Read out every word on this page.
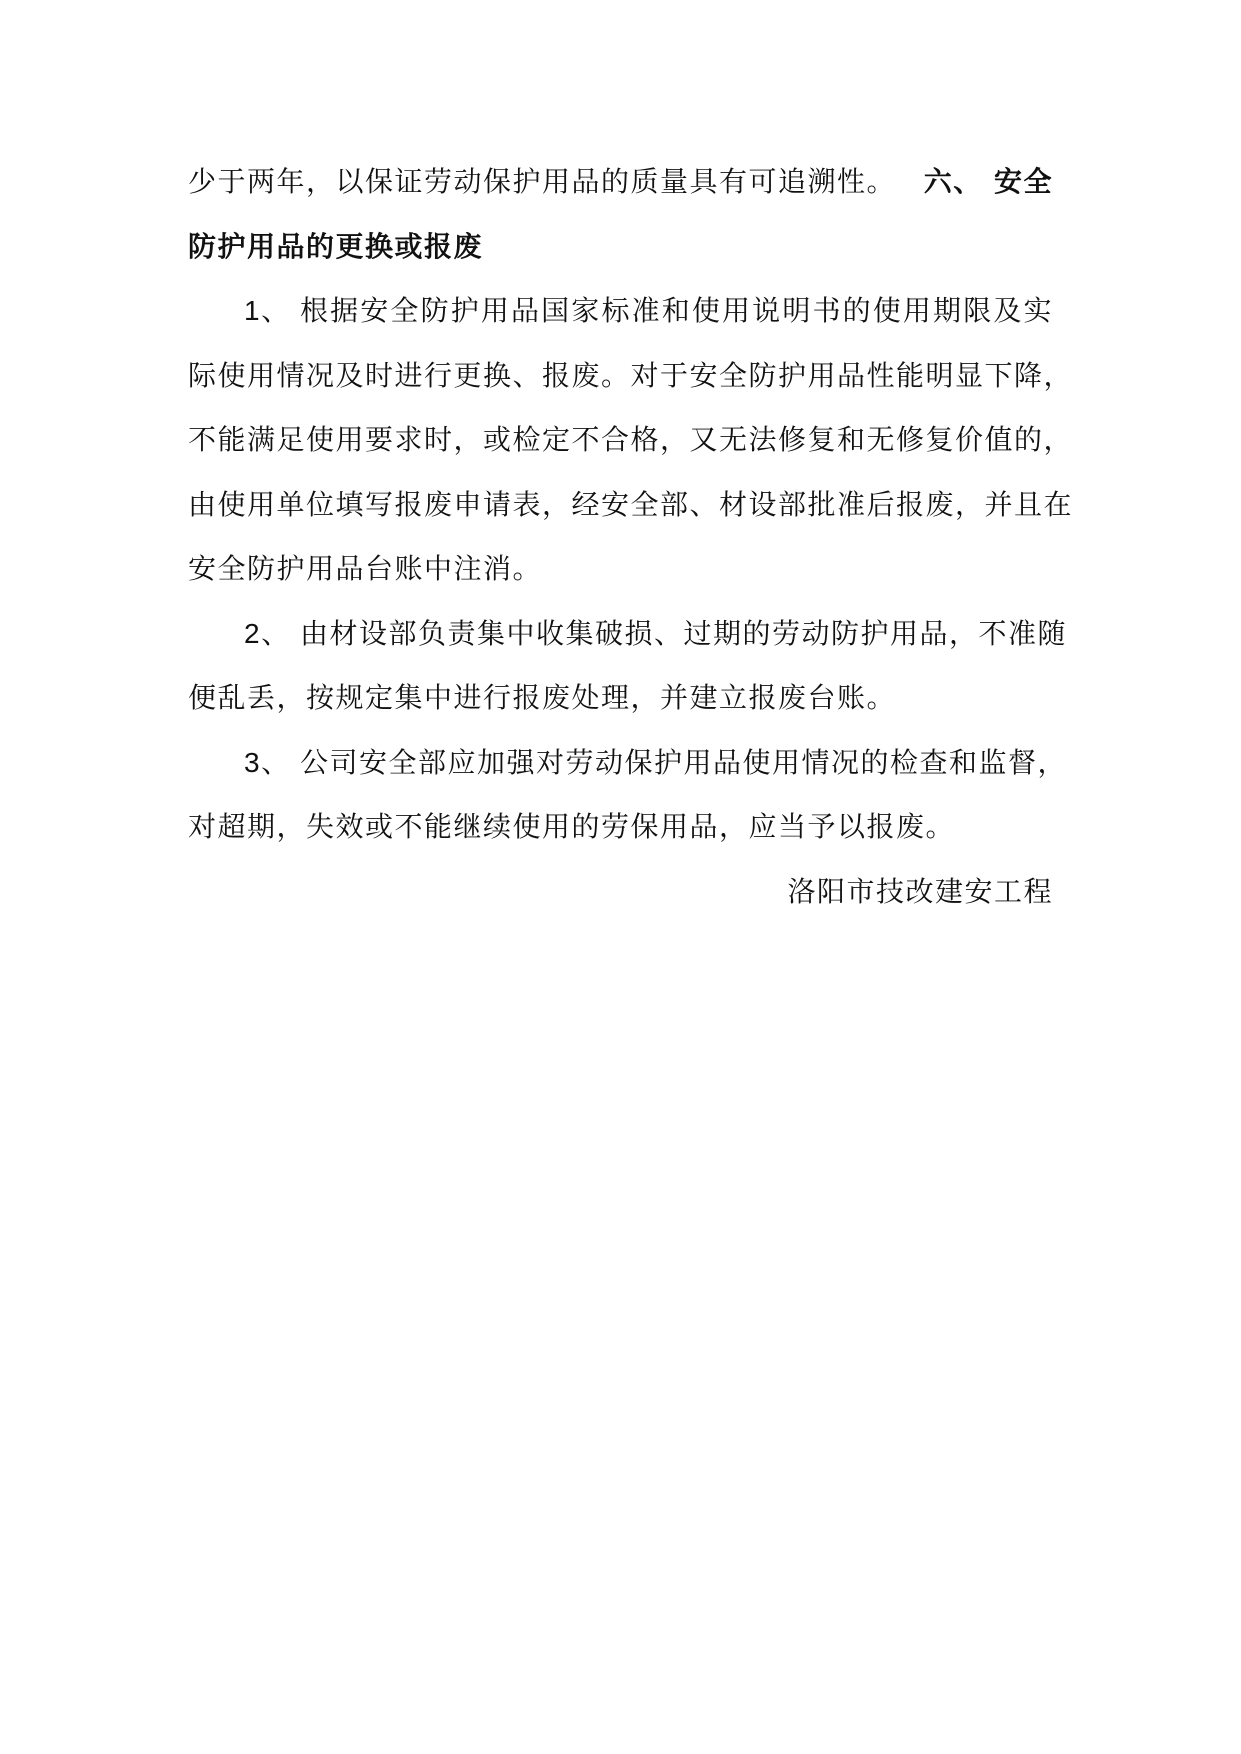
少于两年，以保证劳动保护用品的质量具有可追溯性。 六、 安全
防护用品的更换或报废
1、 根据安全防护用品国家标准和使用说明书的使用期限及实
际使用情况及时进行更换、报废。对于安全防护用品性能明显下降，
不能满足使用要求时，或检定不合格，又无法修复和无修复价值的，
由使用单位填写报废申请表，经安全部、材设部批准后报废，并且在
安全防护用品台账中注消。
2、 由材设部负责集中收集破损、过期的劳动防护用品，不准随
便乱丢，按规定集中进行报废处理，并建立报废台账。
3、 公司安全部应加强对劳动保护用品使用情况的检查和监督，
对超期，失效或不能继续使用的劳保用品，应当予以报废。
洛阳市技改建安工程
